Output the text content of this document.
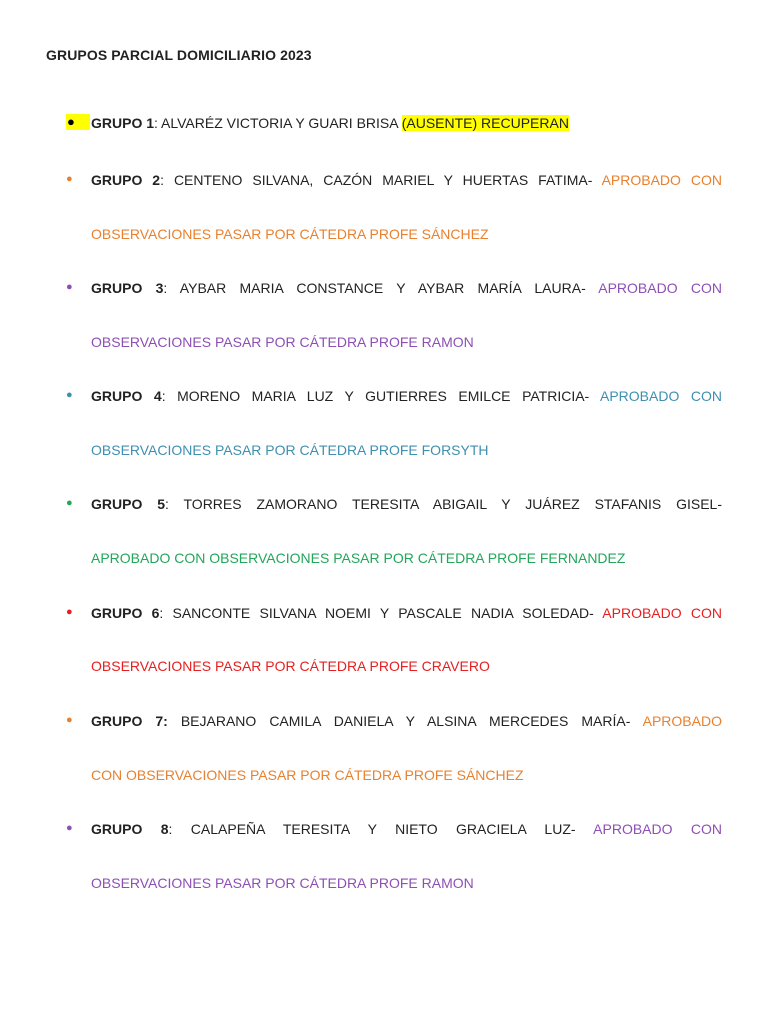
GRUPOS PARCIAL DOMICILIARIO 2023
●	GRUPO 1: ALVARÉZ VICTORIA Y GUARI BRISA (AUSENTE) RECUPERAN
● GRUPO 2: CENTENO SILVANA, CAZÓN MARIEL Y HUERTAS FATIMA- APROBADO CON
OBSERVACIONES PASAR POR CÁTEDRA PROFE SÁNCHEZ
● GRUPO 3: AYBAR MARIA CONSTANCE Y AYBAR MARÍA LAURA- APROBADO CON
OBSERVACIONES PASAR POR CÁTEDRA PROFE RAMON
● GRUPO 4: MORENO MARIA LUZ Y GUTIERRES EMILCE PATRICIA- APROBADO CON
OBSERVACIONES PASAR POR CÁTEDRA PROFE FORSYTH
● GRUPO 5: TORRES ZAMORANO TERESITA ABIGAIL Y JUÁREZ STAFANIS GISEL-
APROBADO CON OBSERVACIONES PASAR POR CÁTEDRA PROFE FERNANDEZ
● GRUPO 6: SANCONTE SILVANA NOEMI Y PASCALE NADIA SOLEDAD- APROBADO CON
OBSERVACIONES PASAR POR CÁTEDRA PROFE CRAVERO
● GRUPO 7: BEJARANO CAMILA DANIELA Y ALSINA MERCEDES MARÍA- APROBADO
CON OBSERVACIONES PASAR POR CÁTEDRA PROFE SÁNCHEZ
● GRUPO 8: CALAPEÑA TERESITA Y NIETO GRACIELA LUZ- APROBADO CON
OBSERVACIONES PASAR POR CÁTEDRA PROFE RAMON
